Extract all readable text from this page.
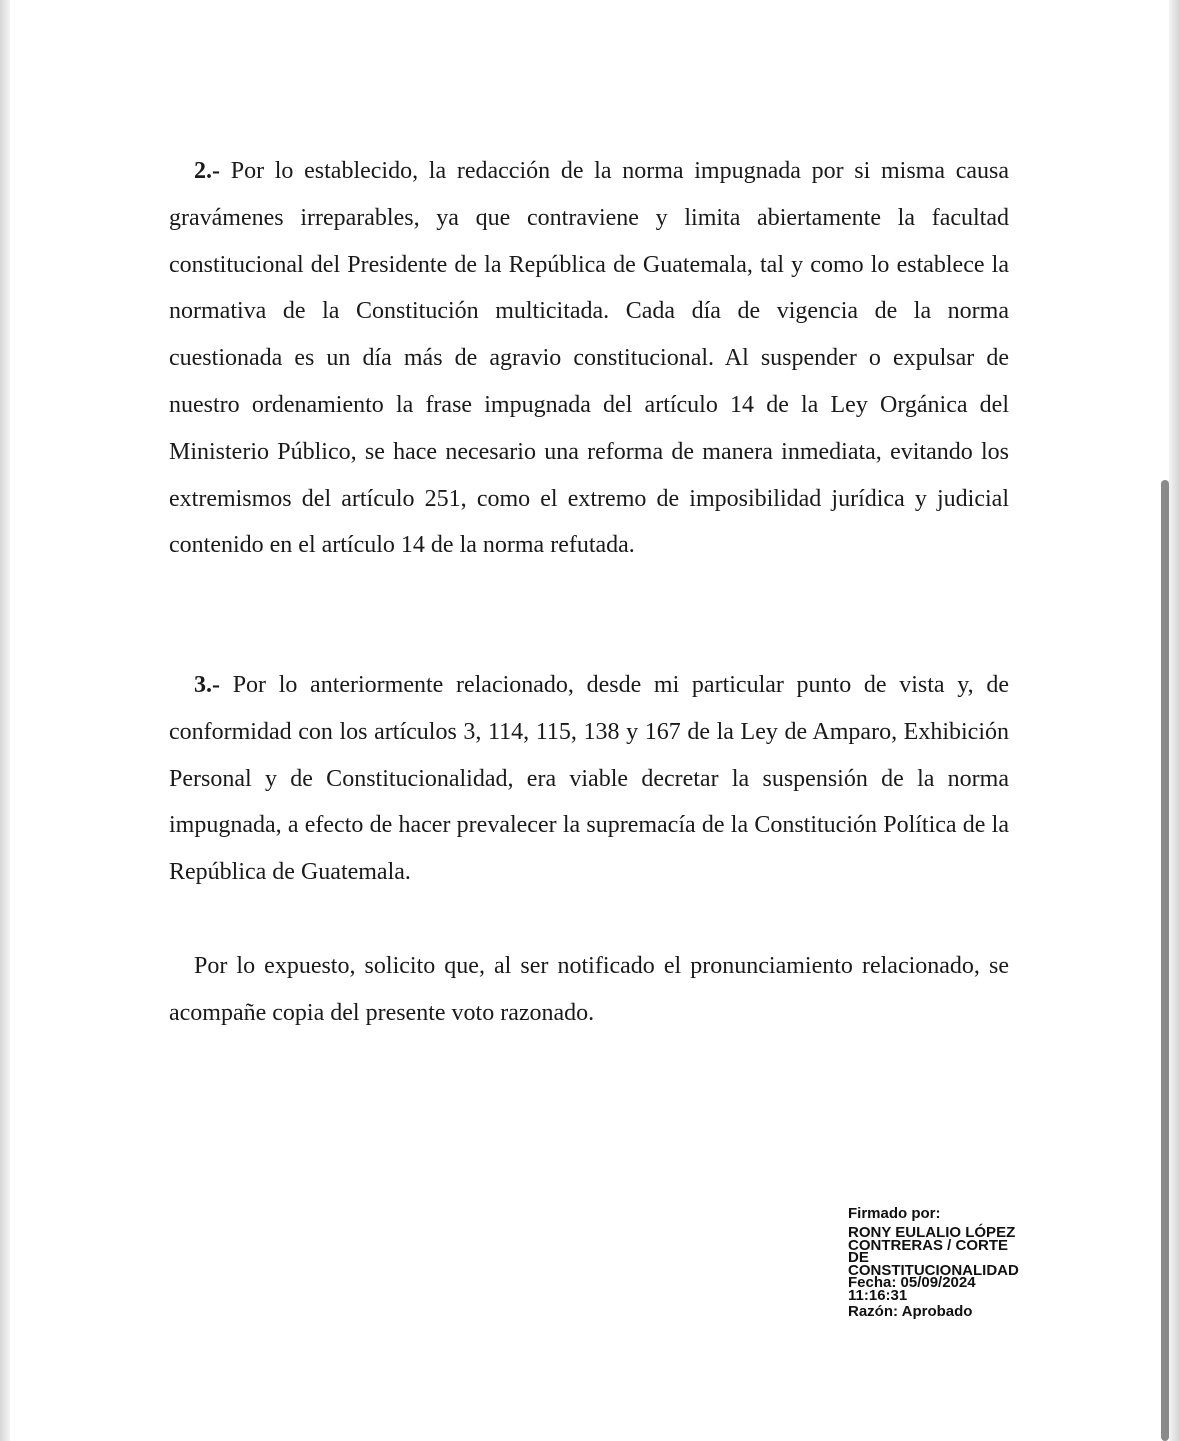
2.- Por lo establecido, la redacción de la norma impugnada por si misma causa gravámenes irreparables, ya que contraviene y limita abiertamente la facultad constitucional del Presidente de la República de Guatemala, tal y como lo establece la normativa de la Constitución multicitada. Cada día de vigencia de la norma cuestionada es un día más de agravio constitucional. Al suspender o expulsar de nuestro ordenamiento la frase impugnada del artículo 14 de la Ley Orgánica del Ministerio Público, se hace necesario una reforma de manera inmediata, evitando los extremismos del artículo 251, como el extremo de imposibilidad jurídica y judicial contenido en el artículo 14 de la norma refutada.

3.- Por lo anteriormente relacionado, desde mi particular punto de vista y, de conformidad con los artículos 3, 114, 115, 138 y 167 de la Ley de Amparo, Exhibición Personal y de Constitucionalidad, era viable decretar la suspensión de la norma impugnada, a efecto de hacer prevalecer la supremacía de la Constitución Política de la República de Guatemala.

Por lo expuesto, solicito que, al ser notificado el pronunciamiento relacionado, se acompañe copia del presente voto razonado.

Firmado por:
RONY EULALIO LÓPEZ
CONTRERAS / CORTE
DE
CONSTITUCIONALIDAD
Fecha: 05/09/2024
11:16:31
Razón: Aprobado
